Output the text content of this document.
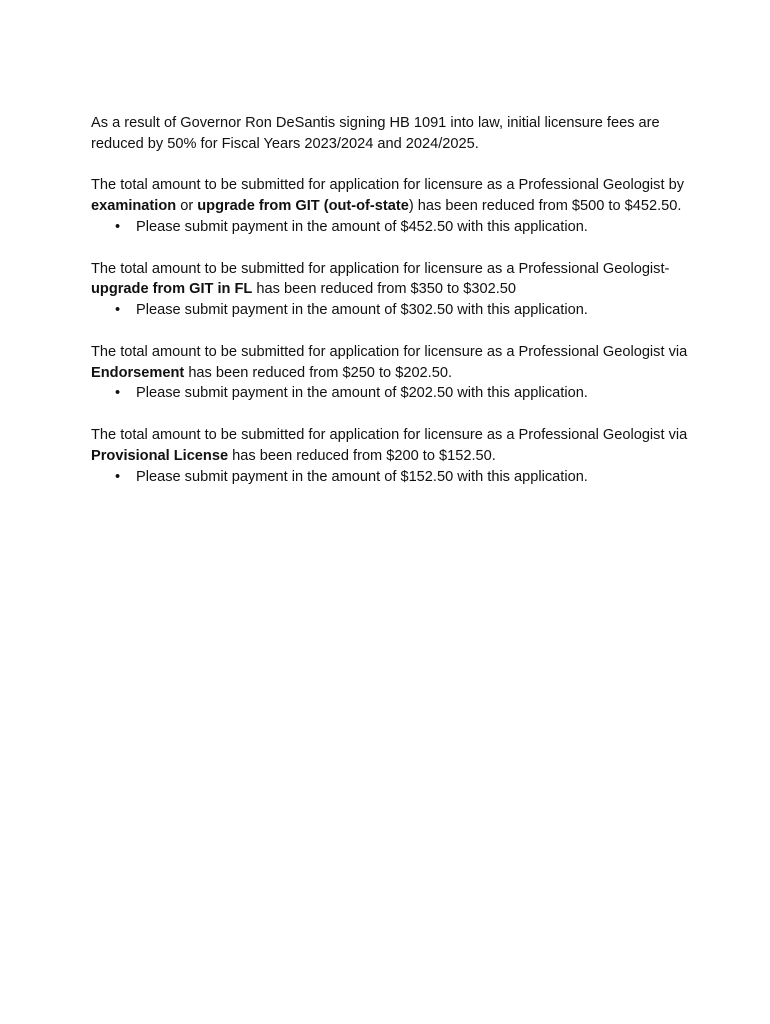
As a result of Governor Ron DeSantis signing HB 1091 into law, initial licensure fees are reduced by 50% for Fiscal Years 2023/2024 and 2024/2025.

The total amount to be submitted for application for licensure as a Professional Geologist by examination or upgrade from GIT (out-of-state) has been reduced from $500 to $452.50.

• Please submit payment in the amount of $452.50 with this application.

The total amount to be submitted for application for licensure as a Professional Geologist- upgrade from GIT in FL has been reduced from $350 to $302.50

• Please submit payment in the amount of $302.50 with this application.

The total amount to be submitted for application for licensure as a Professional Geologist via Endorsement has been reduced from $250 to $202.50.

• Please submit payment in the amount of $202.50 with this application.

The total amount to be submitted for application for licensure as a Professional Geologist via Provisional License has been reduced from $200 to $152.50.

• Please submit payment in the amount of $152.50 with this application.
